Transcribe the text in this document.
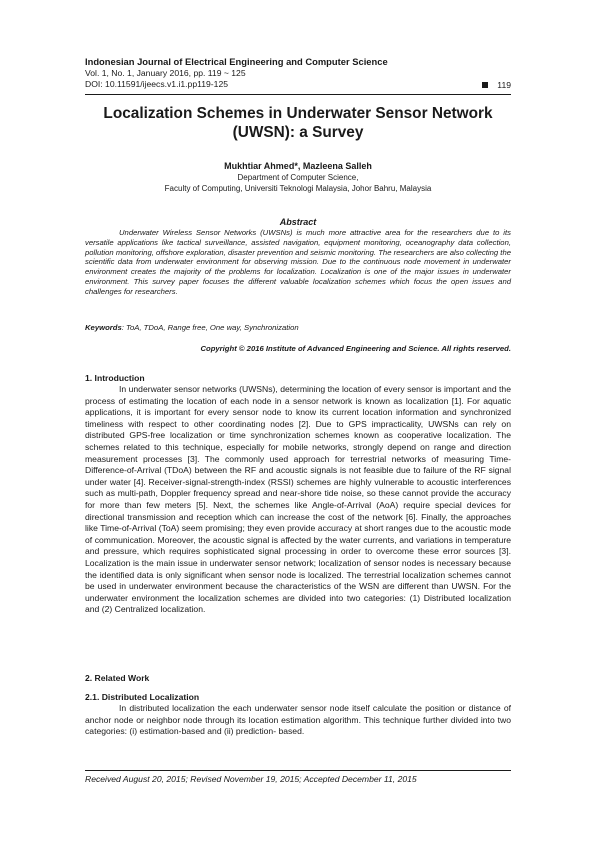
Indonesian Journal of Electrical Engineering and Computer Science
Vol. 1, No. 1, January 2016, pp. 119 ~ 125
DOI: 10.11591/ijeecs.v1.i1.pp119-125	119
Localization Schemes in Underwater Sensor Network (UWSN): a Survey
Mukhtiar Ahmed*, Mazleena Salleh
Department of Computer Science,
Faculty of Computing, Universiti Teknologi Malaysia, Johor Bahru, Malaysia
Abstract

Underwater Wireless Sensor Networks (UWSNs) is much more attractive area for the researchers due to its versatile applications like tactical surveillance, assisted navigation, equipment monitoring, oceanography data collection, pollution monitoring, offshore exploration, disaster prevention and seismic monitoring. The researchers are also collecting the scientific data from underwater environment for observing mission. Due to the continuous node movement in underwater environment creates the majority of the problems for localization. Localization is one of the major issues in underwater environment. This survey paper focuses the different valuable localization schemes which focus the open issues and challenges for researchers.

Keywords: ToA, TDoA, Range free, One way, Synchronization
Copyright © 2016 Institute of Advanced Engineering and Science. All rights reserved.
1. Introduction

In underwater sensor networks (UWSNs), determining the location of every sensor is important and the process of estimating the location of each node in a sensor network is known as localization [1]. For aquatic applications, it is important for every sensor node to know its current location information and synchronized timeliness with respect to other coordinating nodes [2]. Due to GPS impracticality, UWSNs can rely on distributed GPS-free localization or time synchronization schemes known as cooperative localization. The schemes related to this technique, especially for mobile networks, strongly depend on range and direction measurement processes [3]. The commonly used approach for terrestrial networks of measuring Time-Difference-of-Arrival (TDoA) between the RF and acoustic signals is not feasible due to failure of the RF signal under water [4]. Receiver-signal-strength-index (RSSI) schemes are highly vulnerable to acoustic interferences such as multi-path, Doppler frequency spread and near-shore tide noise, so these cannot provide the accuracy for more than few meters [5]. Next, the schemes like Angle-of-Arrival (AoA) require special devices for directional transmission and reception which can increase the cost of the network [6]. Finally, the approaches like Time-of-Arrival (ToA) seem promising; they even provide accuracy at short ranges due to the acoustic mode of communication. Moreover, the acoustic signal is affected by the water currents, and variations in temperature and pressure, which requires sophisticated signal processing in order to overcome these error sources [3]. Localization is the main issue in underwater sensor network; localization of sensor nodes is necessary because the identified data is only significant when sensor node is localized. The terrestrial localization schemes cannot be used in underwater environment because the characteristics of the WSN are different than UWSN. For the underwater environment the localization schemes are divided into two categories: (1) Distributed localization and (2) Centralized localization.

2. Related Work
2.1. Distributed Localization

In distributed localization the each underwater sensor node itself calculate the position or distance of anchor node or neighbor node through its location estimation algorithm. This technique further divided into two categories: (i) estimation-based and (ii) prediction- based.

Received August 20, 2015; Revised November 19, 2015; Accepted December 11, 2015
